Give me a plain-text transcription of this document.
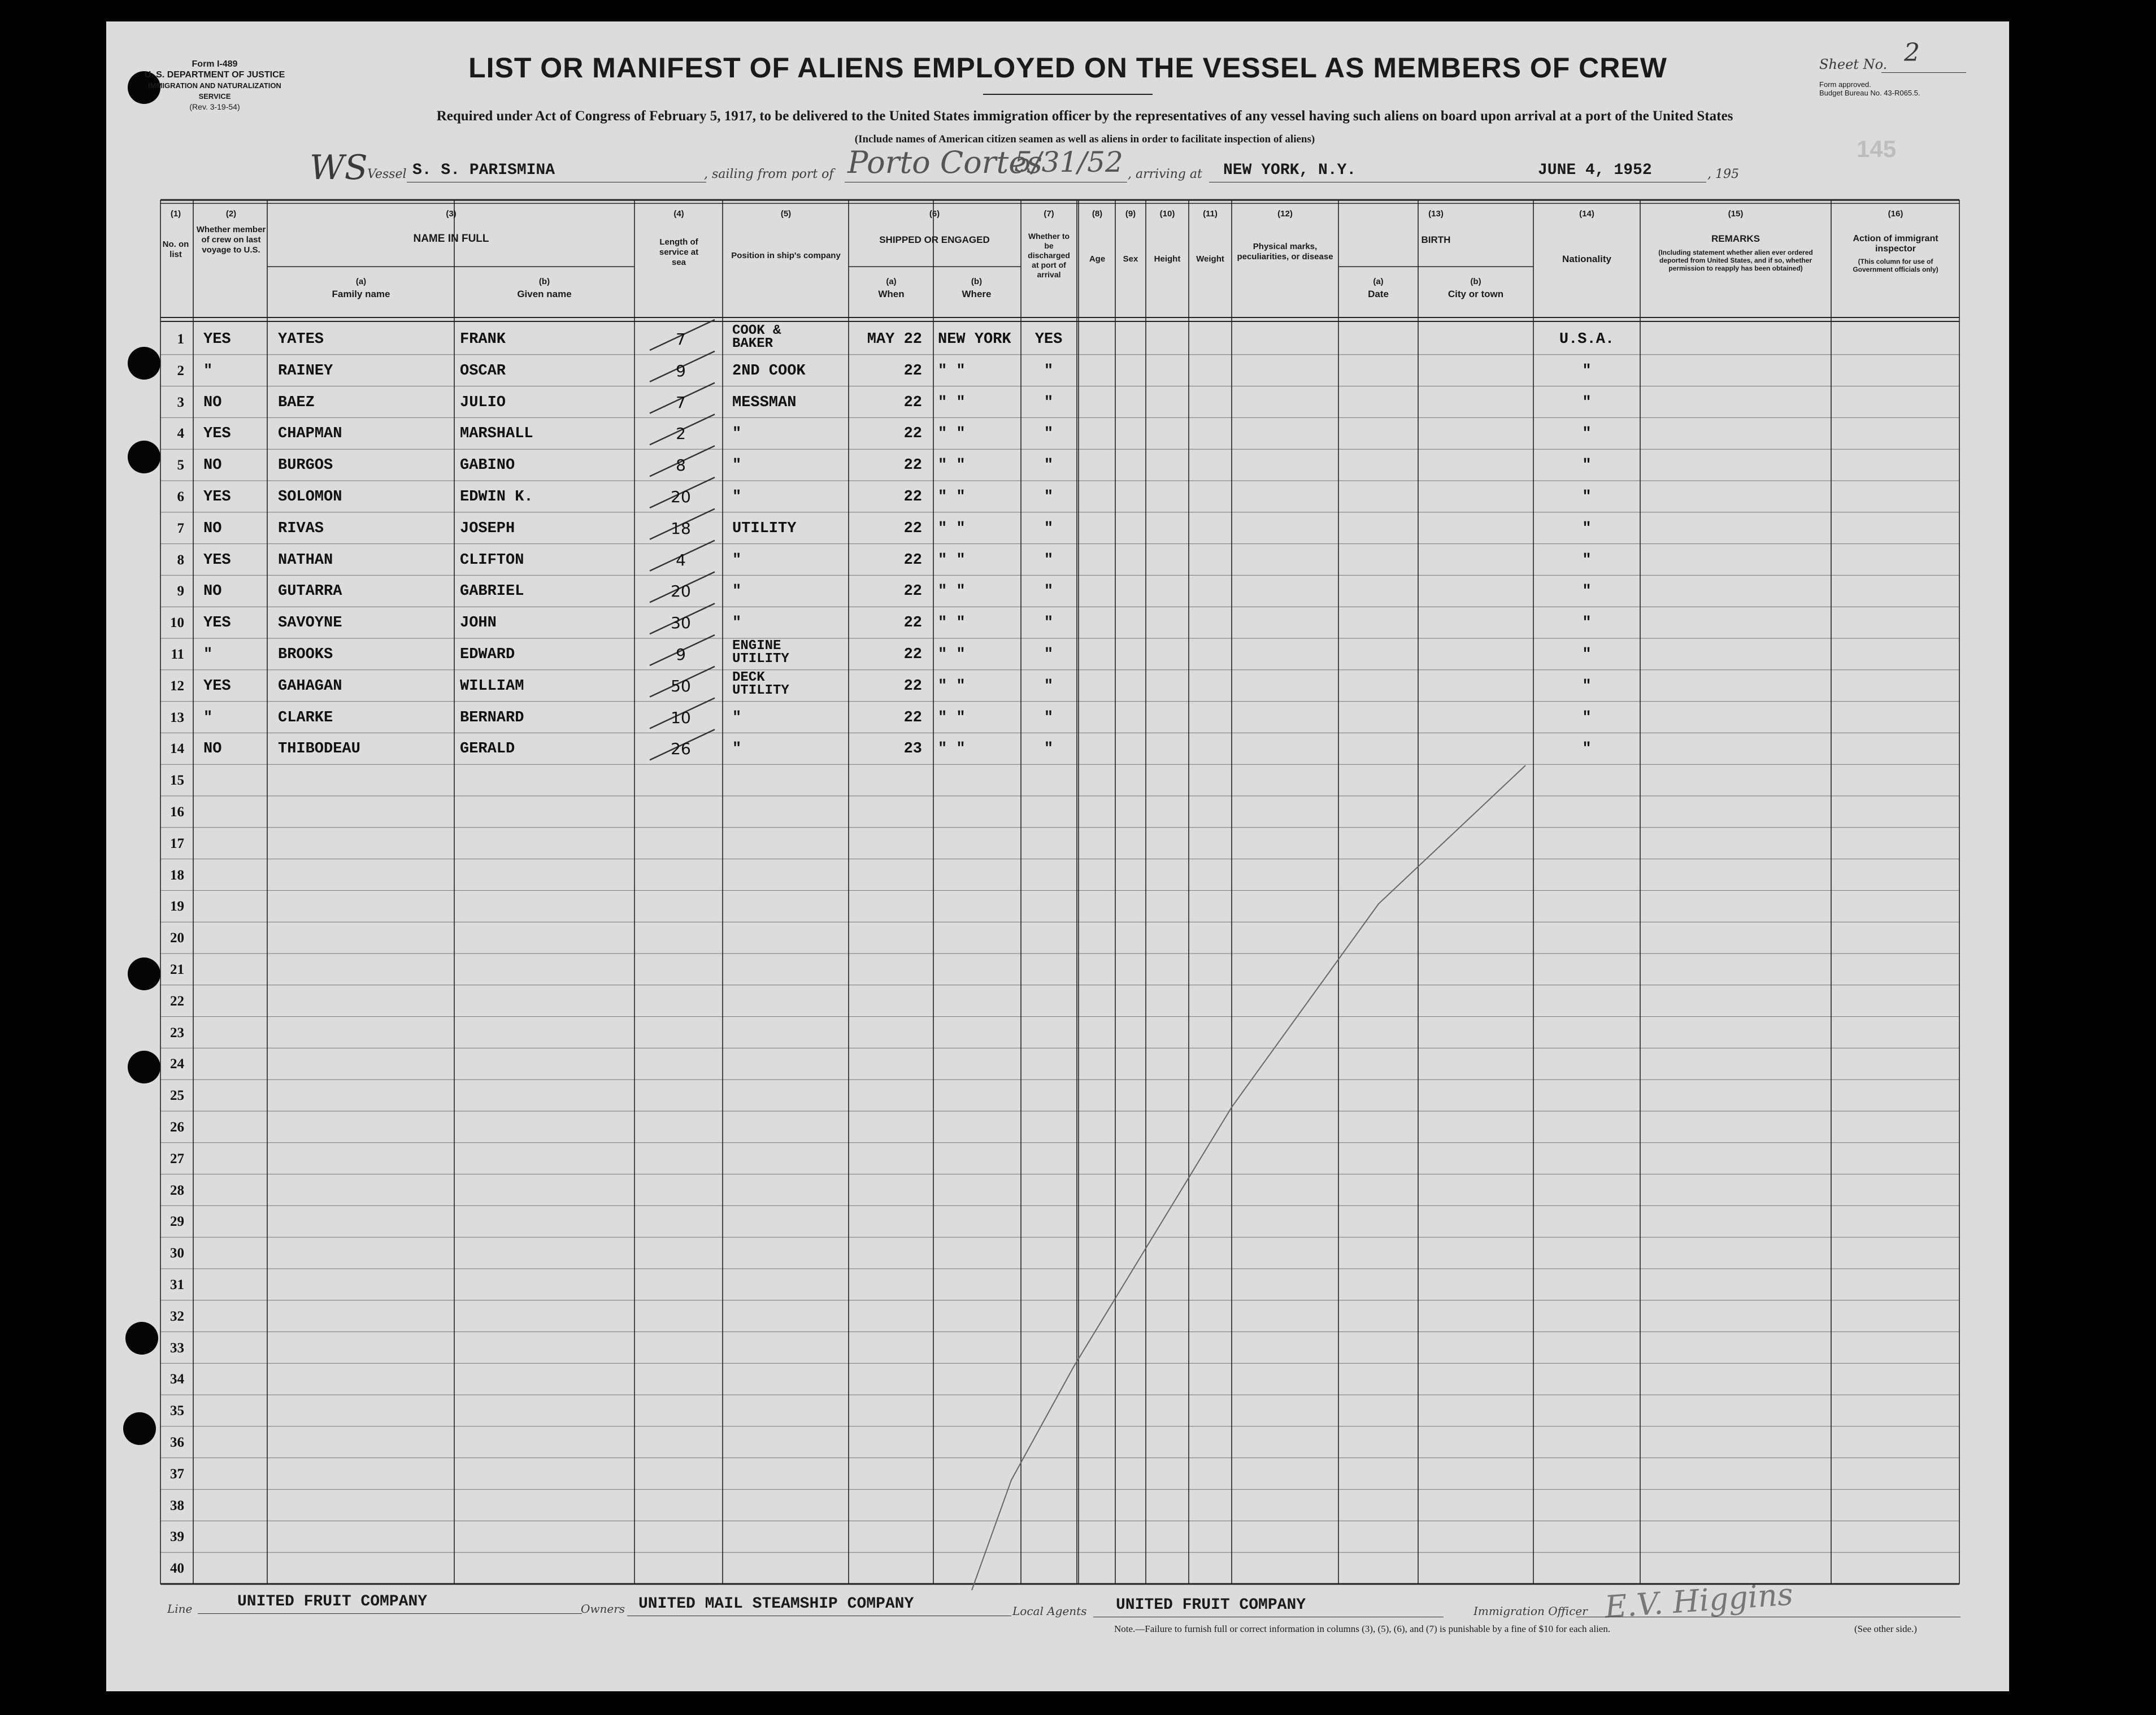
Form I-489
U. S. DEPARTMENT OF JUSTICE
IMMIGRATION AND NATURALIZATION SERVICE
(Rev. 3-19-54)
LIST OR MANIFEST OF ALIENS EMPLOYED ON THE VESSEL AS MEMBERS OF CREW	Sheet No. 2
Form approved.
Budget Bureau No. 43-R065.5.
145
Required under Act of Congress of February 5, 1917, to be delivered to the United States immigration officer by the representatives of any vessel having such aliens on board upon arrival at a port of the United States
(Include names of American citizen seamen as well as aliens in order to facilitate inspection of aliens)
WS Vessel S. S. PARISMINA	, sailing from port of Porto Cortes
5/31/52 , arriving at NEW YORK, N.Y.	JUNE 4, 1952	, 195
(1)
No. on list
(2)
Whether member of crew on last voyage to U.S.
(3)
NAME IN FULL
(a)
Family name
(b)
Given name
(4)
Length of service at sea
(5)
Position in ship's company
(6)
SHIPPED OR ENGAGED
(a)
When
(b)
Where
(7)
Whether to be discharged at port of arrival
(8)
Age
(9)
Sex
(10)
Height
(11)
Weight
(12)
Physical marks, peculiarities, or disease
(13)
BIRTH
(a)
Date
(b)
City or town
(14)
Nationality
(15)
REMARKS
(Including statement whether alien ever ordered deported from United States, and if so, whether permission to reapply has been obtained)
(16)
Action of immigrant inspector
(This column for use of Government officials only)
1 YES	YATES	FRANK	7	COOK &
BAKER	MAY 22 NEW YORK	YES	U.S.A.
2 "	RAINEY	OSCAR	9	2ND COOK	22 " "	"	"
3 NO	BAEZ	JULIO	7	MESSMAN	22 " "	"	"
4 YES	CHAPMAN	MARSHALL	2	"	22 " "	"	"
5 NO	BURGOS	GABINO	8	"	22 " "	"	"
6 YES	SOLOMON	EDWIN K.	20	"	22 " "	"	"
7 NO	RIVAS	JOSEPH	18	UTILITY	22 " "	"	"
8 YES	NATHAN	CLIFTON	4	"	22 " "	"	"
9 NO	GUTARRA	GABRIEL	20	"	22 " "	"	"
10 YES	SAVOYNE	JOHN	30	"	22 " "	"	"
11 "	BROOKS	EDWARD	9	ENGINE
UTILITY	22 " "	"	"
12 YES	GAHAGAN	WILLIAM	50	DECK
UTILITY	22 " "	"	"
13 "	CLARKE	BERNARD	10	"	22 " "	"	"
14 NO	THIBODEAU	GERALD	26	"	23 " "	"	"
15
16
17
18
19
20
21
22
23
24
25
26
27
28
29
30
31
32
33
34
35
36
37
38
39
40
Line	UNITED FRUIT COMPANY	Owners UNITED MAIL STEAMSHIP COMPANY	Local Agents UNITED FRUIT COMPANY	Immigration Officer E.V. Higgins
Note.—Failure to furnish full or correct information in columns (3), (5), (6), and (7) is punishable by a fine of $10 for each alien.	(See other side.)
